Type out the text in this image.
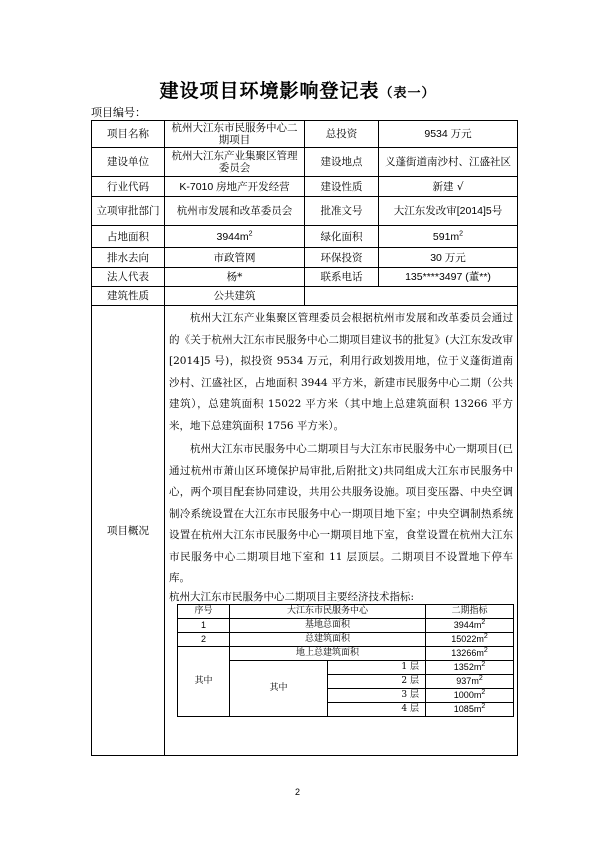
建设项目环境影响登记表（表一）
项目编号：
项目名称	杭州大江东市民服务中心二期项目	总投资	9534 万元
建设单位	杭州大江东产业集聚区管理委员会	建设地点	义蓬街道南沙村、江盛社区
行业代码	K-7010 房地产开发经营	建设性质	新建 √
立项审批部门	杭州市发展和改革委员会	批准文号	大江东发改审[2014]5号
占地面积	$3944m^2$	绿化面积	$591m^2$
排水去向	市政管网	环保投资	30 万元
法人代表	杨*	联系电话	135****3497 (董**)
建筑性质	公共建筑		
项目概况	

杭州大江东产业集聚区管理委员会根据杭州市发展和改革委员会通过的《关于杭州大江东市民服务中心二期项目建议书的批复》(大江东发改审[2014]5 号)，拟投资 9534 万元，利用行政划拨用地，位于义蓬街道南沙村、江盛社区，占地面积 3944 平方米，新建市民服务中心二期（公共建筑），总建筑面积 15022 平方米（其中地上总建筑面积 13266 平方米，地下总建筑面积 1756 平方米）。

杭州大江东市民服务中心二期项目与大江东市民服务中心一期项目(已通过杭州市萧山区环境保护局审批,后附批文)共同组成大江东市民服务中心，两个项目配套协同建设，共用公共服务设施。项目变压器、中央空调制冷系统设置在大江东市民服务中心一期项目地下室；中央空调制热系统设置在杭州大江东市民服务中心一期项目地下室，食堂设置在杭州大江东市民服务中心二期项目地下室和 11 层顶层。二期项目不设置地下停车库。

杭州大江东市民服务中心二期项目主要经济技术指标:

序号	大江东市民服务中心	二期指标
1	基地总面积	$3944m^2$
2	总建筑面积	$15022m^2$
其中	地上总建筑面积	$13266m^2$
其中	1 层	$1352m^2$
2 层	$937m^2$
3 层	$1000m^2$
4 层	$1085m^2$
2
